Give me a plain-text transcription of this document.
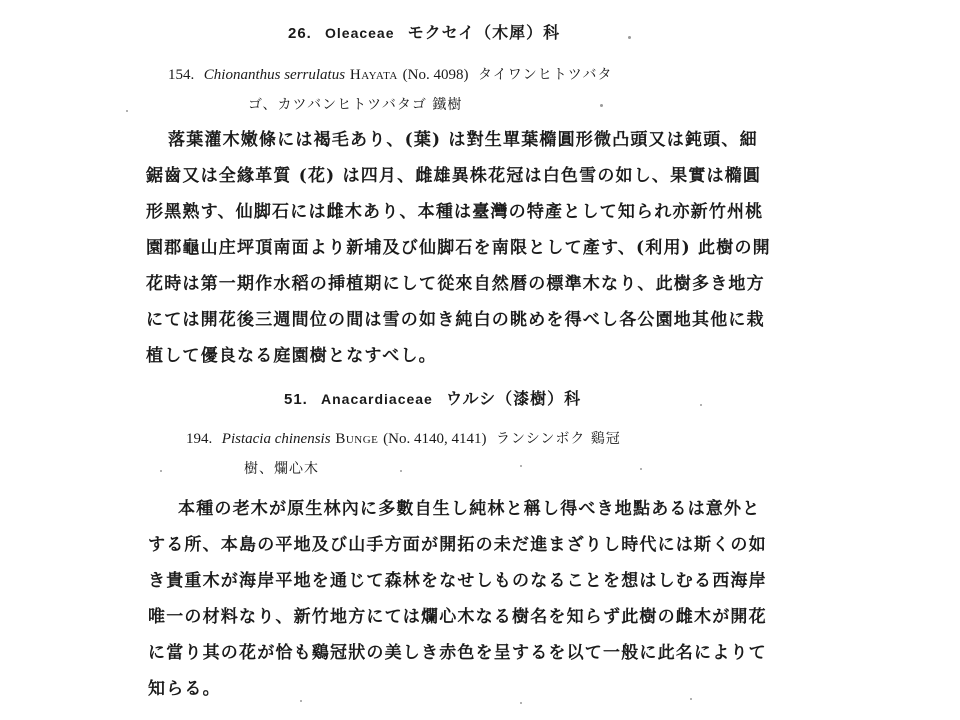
26. Oleaceae モクセイ（木犀）科
154. Chionanthus serrulatus Hayata (No. 4098) タイワンヒトツバタ
ゴ、カツバンヒトツバタゴ 鐵樹
落葉灌木嫩條には褐毛あり、(葉) は對生單葉橢圓形微凸頭又は鈍頭、細
鋸齒又は全緣革質 (花) は四月、雌雄異株花冠は白色雪の如し、果實は橢圓
形黑熟す、仙脚石には雌木あり、本種は臺灣の特產として知られ亦新竹州桃
園郡龜山庄坪頂南面より新埔及び仙脚石を南限として產す、(利用) 此樹の開
花時は第一期作水稻の挿植期にして從來自然暦の標準木なり、此樹多き地方
にては開花後三週間位の間は雪の如き純白の眺めを得べし各公園地其他に栽
植して優良なる庭園樹となすべし。
51. Anacardiaceae ウルシ（漆樹）科
194. Pistacia chinensis Bunge (No. 4140, 4141) ランシンボク 鷄冠
樹、爛心木
本種の老木が原生林內に多數自生し純林と稱し得べき地點あるは意外と
する所、本島の平地及び山手方面が開拓の未だ進まざりし時代には斯くの如
き貴重木が海岸平地を通じて森林をなせしものなることを想はしむる西海岸
唯一の材料なり、新竹地方にては爛心木なる樹名を知らず此樹の雌木が開花
に當り其の花が恰も鷄冠狀の美しき赤色を呈するを以て一般に此名によりて
知らる。
